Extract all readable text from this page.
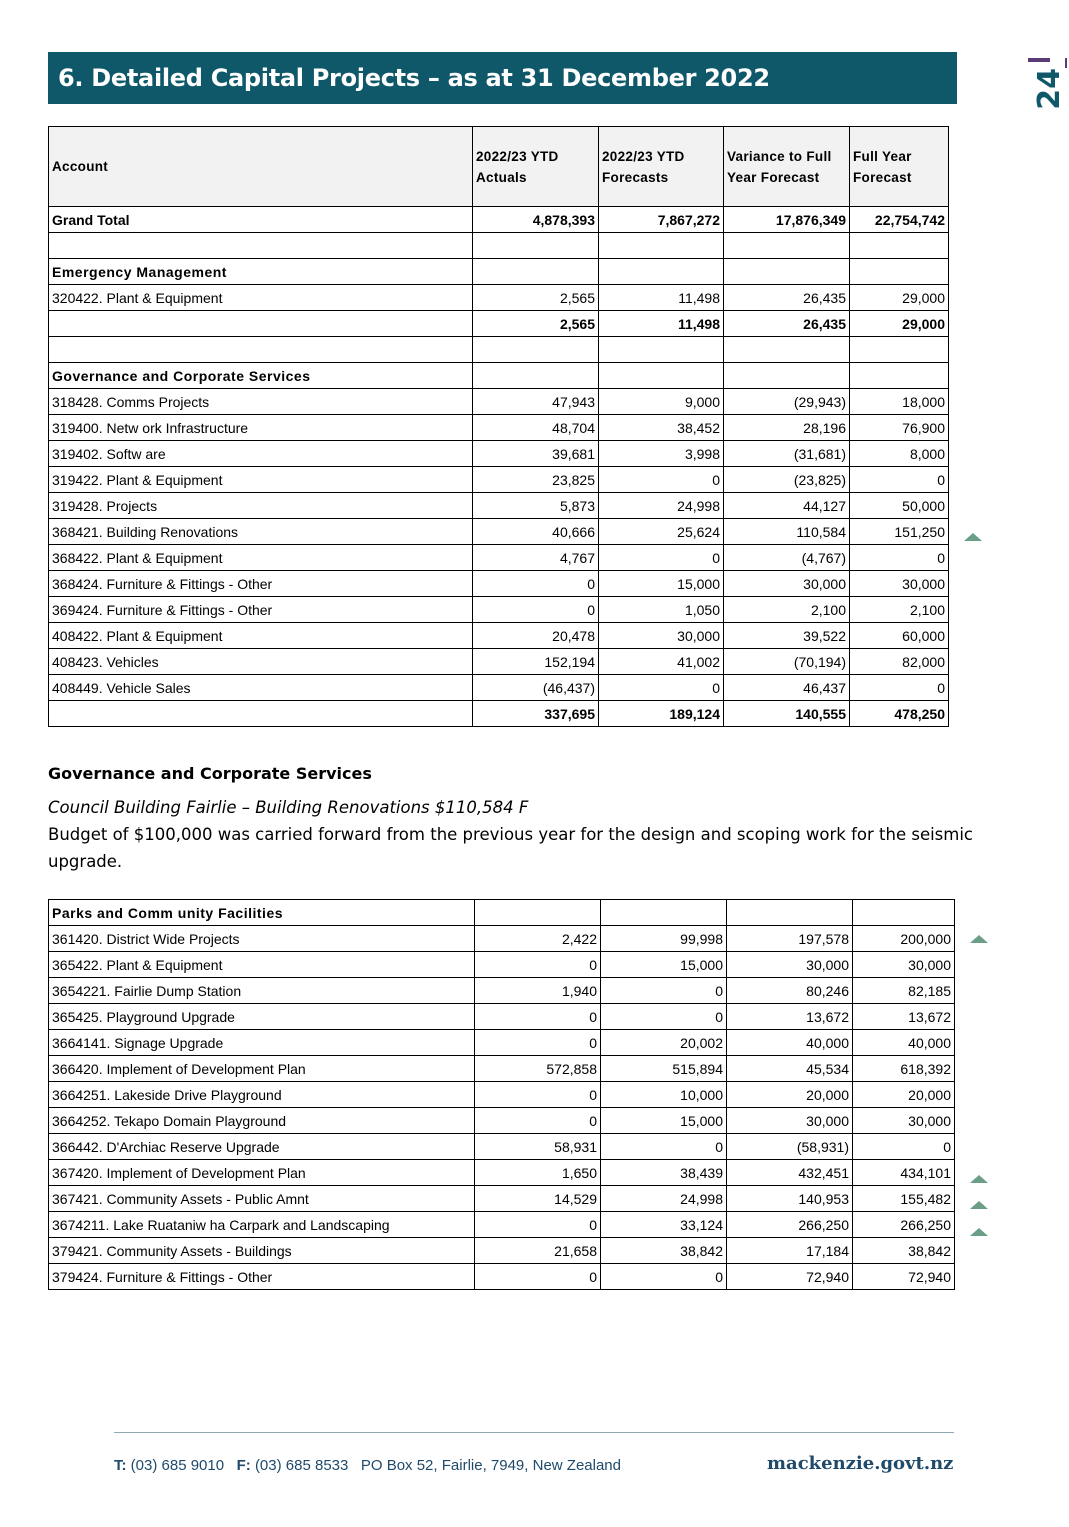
6. Detailed Capital Projects – as at 31 December 2022	24
Account	2022/23 YTD Actuals	2022/23 YTD Forecasts	Variance to Full Year Forecast	Full Year Forecast
Grand Total	4,878,393	7,867,272	17,876,349	22,754,742

Emergency Management				
320422. Plant & Equipment	2,565	11,498	26,435	29,000
	2,565	11,498	26,435	29,000

Governance and Corporate Services				
318428. Comms Projects	47,943	9,000	(29,943)	18,000
319400. Netw ork Infrastructure	48,704	38,452	28,196	76,900
319402. Softw are	39,681	3,998	(31,681)	8,000
319422. Plant & Equipment	23,825	0	(23,825)	0
319428. Projects	5,873	24,998	44,127	50,000
368421. Building Renovations	40,666	25,624	110,584	151,250
368422. Plant & Equipment	4,767	0	(4,767)	0
368424. Furniture & Fittings - Other	0	15,000	30,000	30,000
369424. Furniture & Fittings - Other	0	1,050	2,100	2,100
408422. Plant & Equipment	20,478	30,000	39,522	60,000
408423. Vehicles	152,194	41,002	(70,194)	82,000
408449. Vehicle Sales	(46,437)	0	46,437	0
	337,695	189,124	140,555	478,250
Governance and Corporate Services
Council Building Fairlie – Building Renovations $110,584 F
Budget of $100,000 was carried forward from the previous year for the design and scoping work for the seismic upgrade.
Parks and Comm unity Facilities				
361420. District Wide Projects	2,422	99,998	197,578	200,000
365422. Plant & Equipment	0	15,000	30,000	30,000
3654221. Fairlie Dump Station	1,940	0	80,246	82,185
365425. Playground Upgrade	0	0	13,672	13,672
3664141. Signage Upgrade	0	20,002	40,000	40,000
366420. Implement of Development Plan	572,858	515,894	45,534	618,392
3664251. Lakeside Drive Playground	0	10,000	20,000	20,000
3664252. Tekapo Domain Playground	0	15,000	30,000	30,000
366442. D'Archiac Reserve Upgrade	58,931	0	(58,931)	0
367420. Implement of Development Plan	1,650	38,439	432,451	434,101
367421. Community Assets - Public Amnt	14,529	24,998	140,953	155,482
3674211. Lake Ruataniw ha Carpark and Landscaping	0	33,124	266,250	266,250
379421. Community Assets - Buildings	21,658	38,842	17,184	38,842
379424. Furniture & Fittings - Other	0	0	72,940	72,940
T: (03) 685 9010 F: (03) 685 8533 PO Box 52, Fairlie, 7949, New Zealand	mackenzie.govt.nz
